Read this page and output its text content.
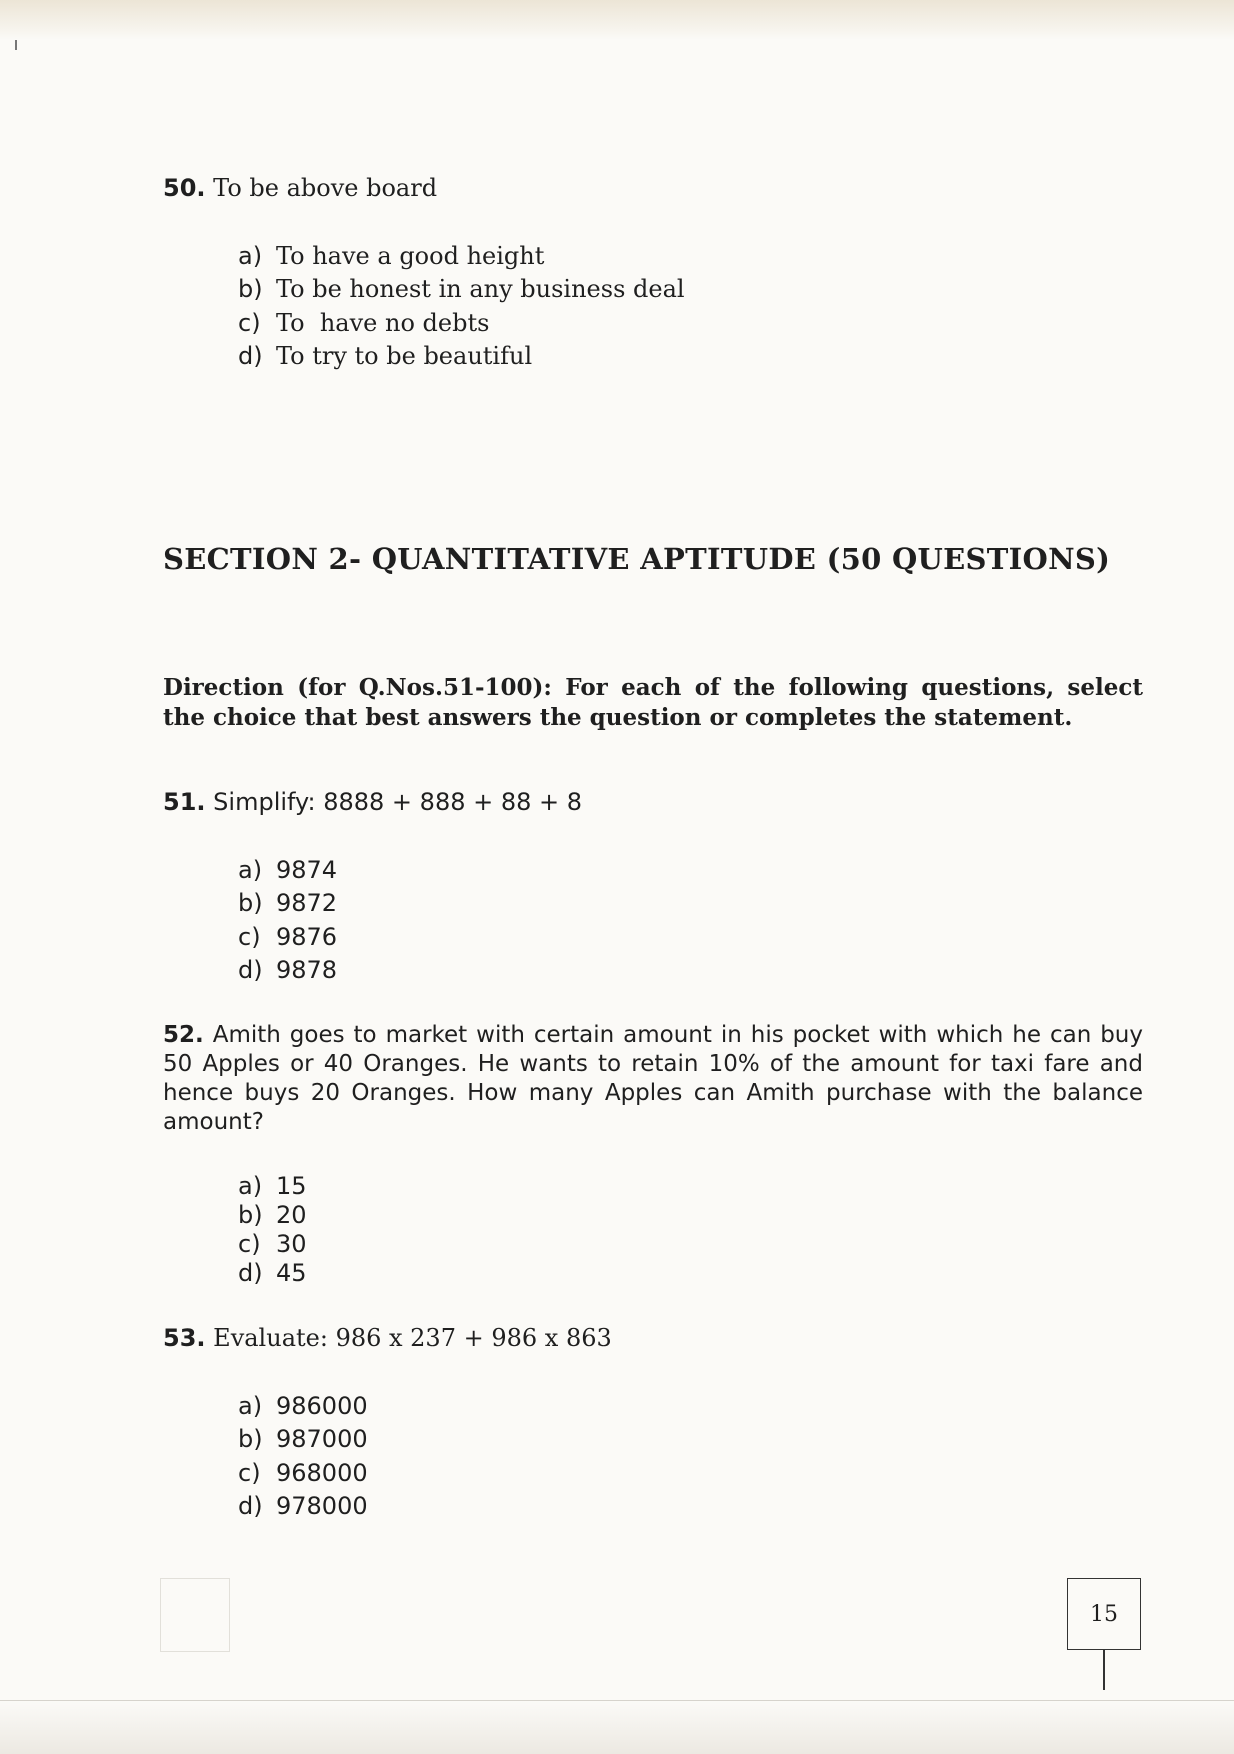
50. To be above board

a) To have a good height
b) To be honest in any business deal
c) To  have no debts
d) To try to be beautiful
SECTION 2- QUANTITATIVE APTITUDE (50 QUESTIONS)
Direction (for Q.Nos.51-100): For each of the following questions, select the choice that best answers the question or completes the statement.

51. Simplify: 8888 + 888 + 88 + 8

a) 9874
b) 9872
c) 9876
d) 9878
52. Amith goes to market with certain amount in his pocket with which he can buy 50 Apples or 40 Oranges. He wants to retain 10% of the amount for taxi fare and hence buys 20 Oranges. How many Apples can Amith purchase with the balance amount?
a) 15
b) 20
c) 30
d) 45

53. Evaluate: 986 x 237 + 986 x 863

a) 986000
b) 987000
c) 968000
d) 978000
15
